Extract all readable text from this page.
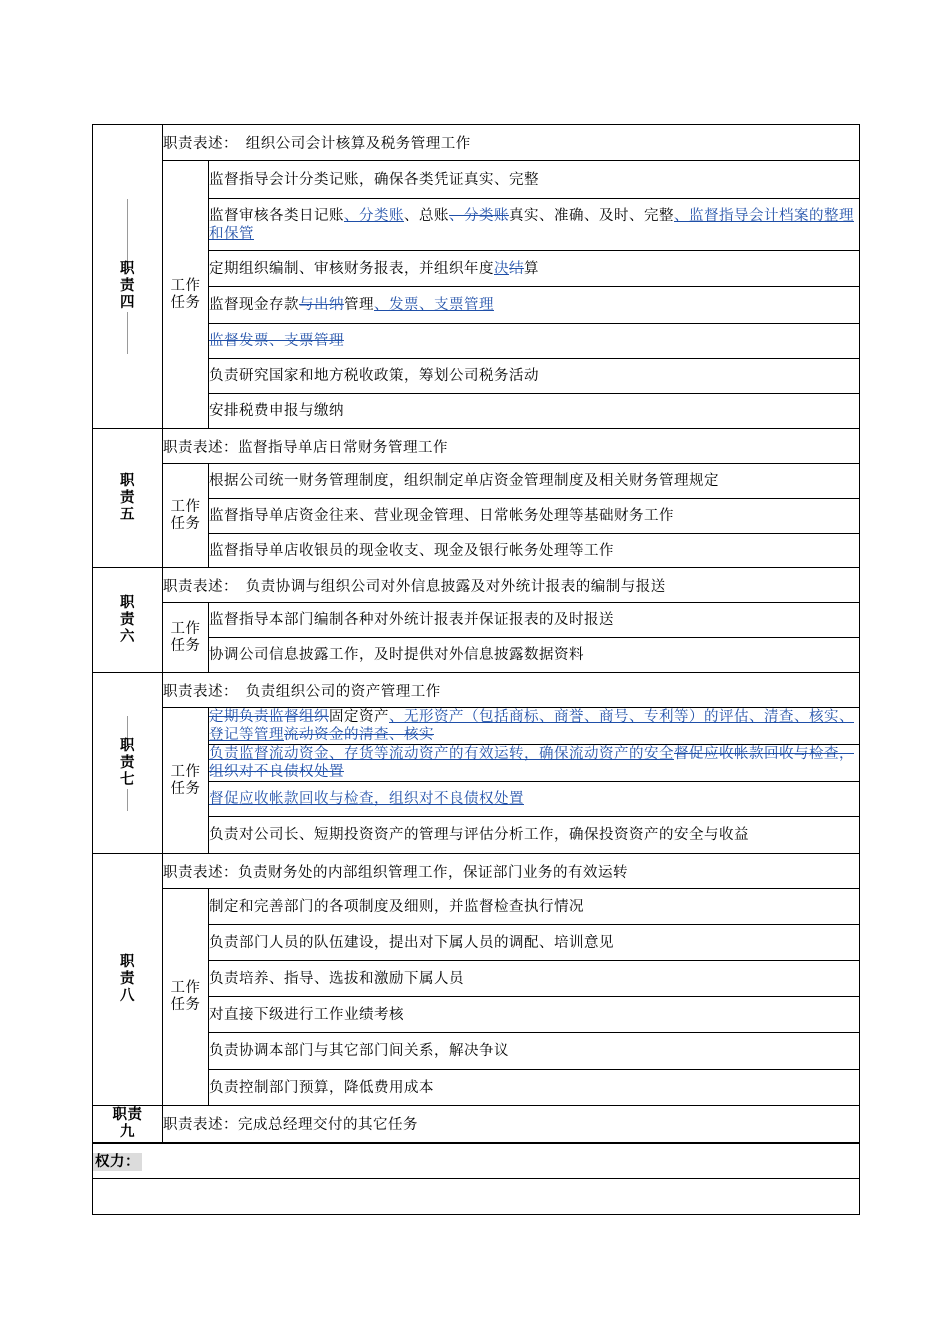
职责四	职责表述：　组织公司会计核算及税务管理工作	
	工作任务	监督指导会计分类记账，确保各类凭证真实、完整
		监督审核各类日记账、分类账、总账、分类账真实、准确、及时、完整、监督指导会计档案的整理和保管
		定期组织编制、审核财务报表，并组织年度决结算
		监督现金存款与出纳管理、发票、支票管理
		监督发票、支票管理
		负责研究国家和地方税收政策，筹划公司税务活动
		安排税费申报与缴纳
职责五	职责表述：监督指导单店日常财务管理工作	
	工作任务	根据公司统一财务管理制度，组织制定单店资金管理制度及相关财务管理规定
		监督指导单店资金往来、营业现金管理、日常帐务处理等基础财务工作
		监督指导单店收银员的现金收支、现金及银行帐务处理等工作
职责六	职责表述：　负责协调与组织公司对外信息披露及对外统计报表的编制与报送	
	工作任务	监督指导本部门编制各种对外统计报表并保证报表的及时报送
		协调公司信息披露工作，及时提供对外信息披露数据资料

职责七	职责表述：　负责组织公司的资产管理工作	
	工作任务	定期负责监督组织固定资产、无形资产（包括商标、商誉、商号、专利等）的评估、清查、核实、登记等管理流动资金的清查、核实
		负责监督流动资金、存货等流动资产的有效运转，确保流动资产的安全督促应收帐款回收与检查，组织对不良债权处置
		督促应收帐款回收与检查，组织对不良债权处置
		负责对公司长、短期投资资产的管理与评估分析工作，确保投资资产的安全与收益
职责八	职责表述：负责财务处的内部组织管理工作，保证部门业务的有效运转	
	工作任务	制定和完善部门的各项制度及细则，并监督检查执行情况
		负责部门人员的队伍建设，提出对下属人员的调配、培训意见
		负责培养、指导、选拔和激励下属人员
		对直接下级进行工作业绩考核
		负责协调本部门与其它部门间关系，解决争议
		负责控制部门预算，降低费用成本
职责九	职责表述：完成总经理交付的其它任务	
权力：		
